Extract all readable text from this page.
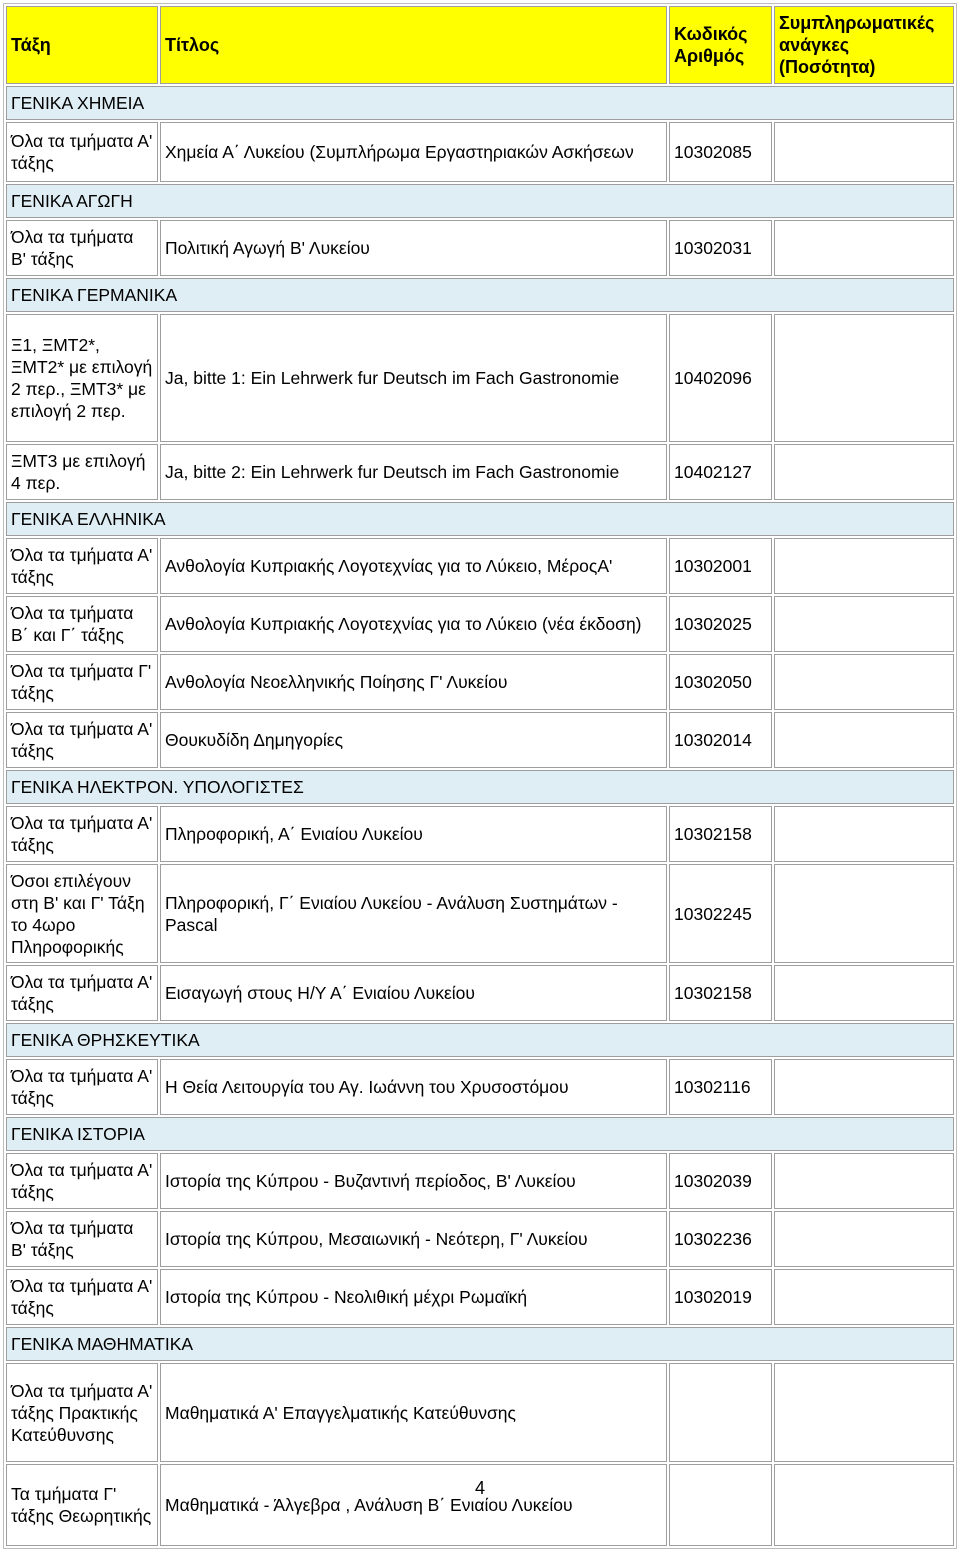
Τάξη	Τίτλος	Κωδικός Αριθμός	Συμπληρωματικές ανάγκες (Ποσότητα)
ΓΕΝΙΚΑ ΧΗΜΕΙΑ			
Όλα τα τμήματα Α' τάξης	Χημεία Α΄ Λυκείου (Συμπλήρωμα Εργαστηριακών Ασκήσεων	10302085	
ΓΕΝΙΚΑ ΑΓΩΓΗ			
Όλα τα τμήματα Β' τάξης	Πολιτική Αγωγή Β' Λυκείου	10302031	
ΓΕΝΙΚΑ ΓΕΡΜΑΝΙΚΑ			
Ξ1, ΞΜΤ2*, ΞΜΤ2* με επιλογή 2 περ., ΞΜΤ3* με επιλογή 2 περ.	Ja, bitte 1: Ein Lehrwerk fur Deutsch im Fach Gastronomie	10402096	
ΞΜΤ3 με επιλογή 4 περ.	Ja, bitte 2: Ein Lehrwerk fur Deutsch im Fach Gastronomie	10402127	
ΓΕΝΙΚΑ ΕΛΛΗΝΙΚΑ			
Όλα τα τμήματα Α' τάξης	Ανθολογία Κυπριακής Λογοτεχνίας για το Λύκειο, ΜέροςΑ'	10302001	
Όλα τα τμήματα Β΄ και Γ΄ τάξης	Ανθολογία Κυπριακής Λογοτεχνίας για το Λύκειο (νέα έκδοση)	10302025	
Όλα τα τμήματα Γ' τάξης	Ανθολογία Νεοελληνικής Ποίησης Γ' Λυκείου	10302050	
Όλα τα τμήματα Α' τάξης	Θουκυδίδη Δημηγορίες	10302014	
ΓΕΝΙΚΑ ΗΛΕΚΤΡΟΝ. ΥΠΟΛΟΓΙΣΤΕΣ			
Όλα τα τμήματα Α' τάξης	Πληροφορική, Α΄ Ενιαίου Λυκείου	10302158	
Όσοι επιλέγουν στη Β' και Γ' Τάξη το 4ωρο Πληροφορικής	Πληροφορική, Γ΄ Ενιαίου Λυκείου - Ανάλυση Συστημάτων - Pascal	10302245	
Όλα τα τμήματα Α' τάξης	Εισαγωγή στους Η/Υ Α΄ Ενιαίου Λυκείου	10302158	
ΓΕΝΙΚΑ ΘΡΗΣΚΕΥΤΙΚΑ			
Όλα τα τμήματα Α' τάξης	Η Θεία Λειτουργία του Αγ. Ιωάννη του Χρυσοστόμου	10302116	
ΓΕΝΙΚΑ ΙΣΤΟΡΙΑ			
Όλα τα τμήματα Α' τάξης	Ιστορία της Κύπρου - Βυζαντινή περίοδος, Β' Λυκείου	10302039	
Όλα τα τμήματα Β' τάξης	Ιστορία της Κύπρου, Μεσαιωνική - Νεότερη, Γ' Λυκείου	10302236	
Όλα τα τμήματα Α' τάξης	Ιστορία της Κύπρου - Νεολιθική μέχρι Ρωμαϊκή	10302019	
ΓΕΝΙΚΑ ΜΑΘΗΜΑΤΙΚΑ			
Όλα τα τμήματα Α' τάξης Πρακτικής Κατεύθυνσης	Μαθηματικά Α' Επαγγελματικής Κατεύθυνσης		
Τα τμήματα Γ' τάξης Θεωρητικής	Μαθηματικά - Άλγεβρα , Ανάλυση Β΄ Ενιαίου Λυκείου		
4
